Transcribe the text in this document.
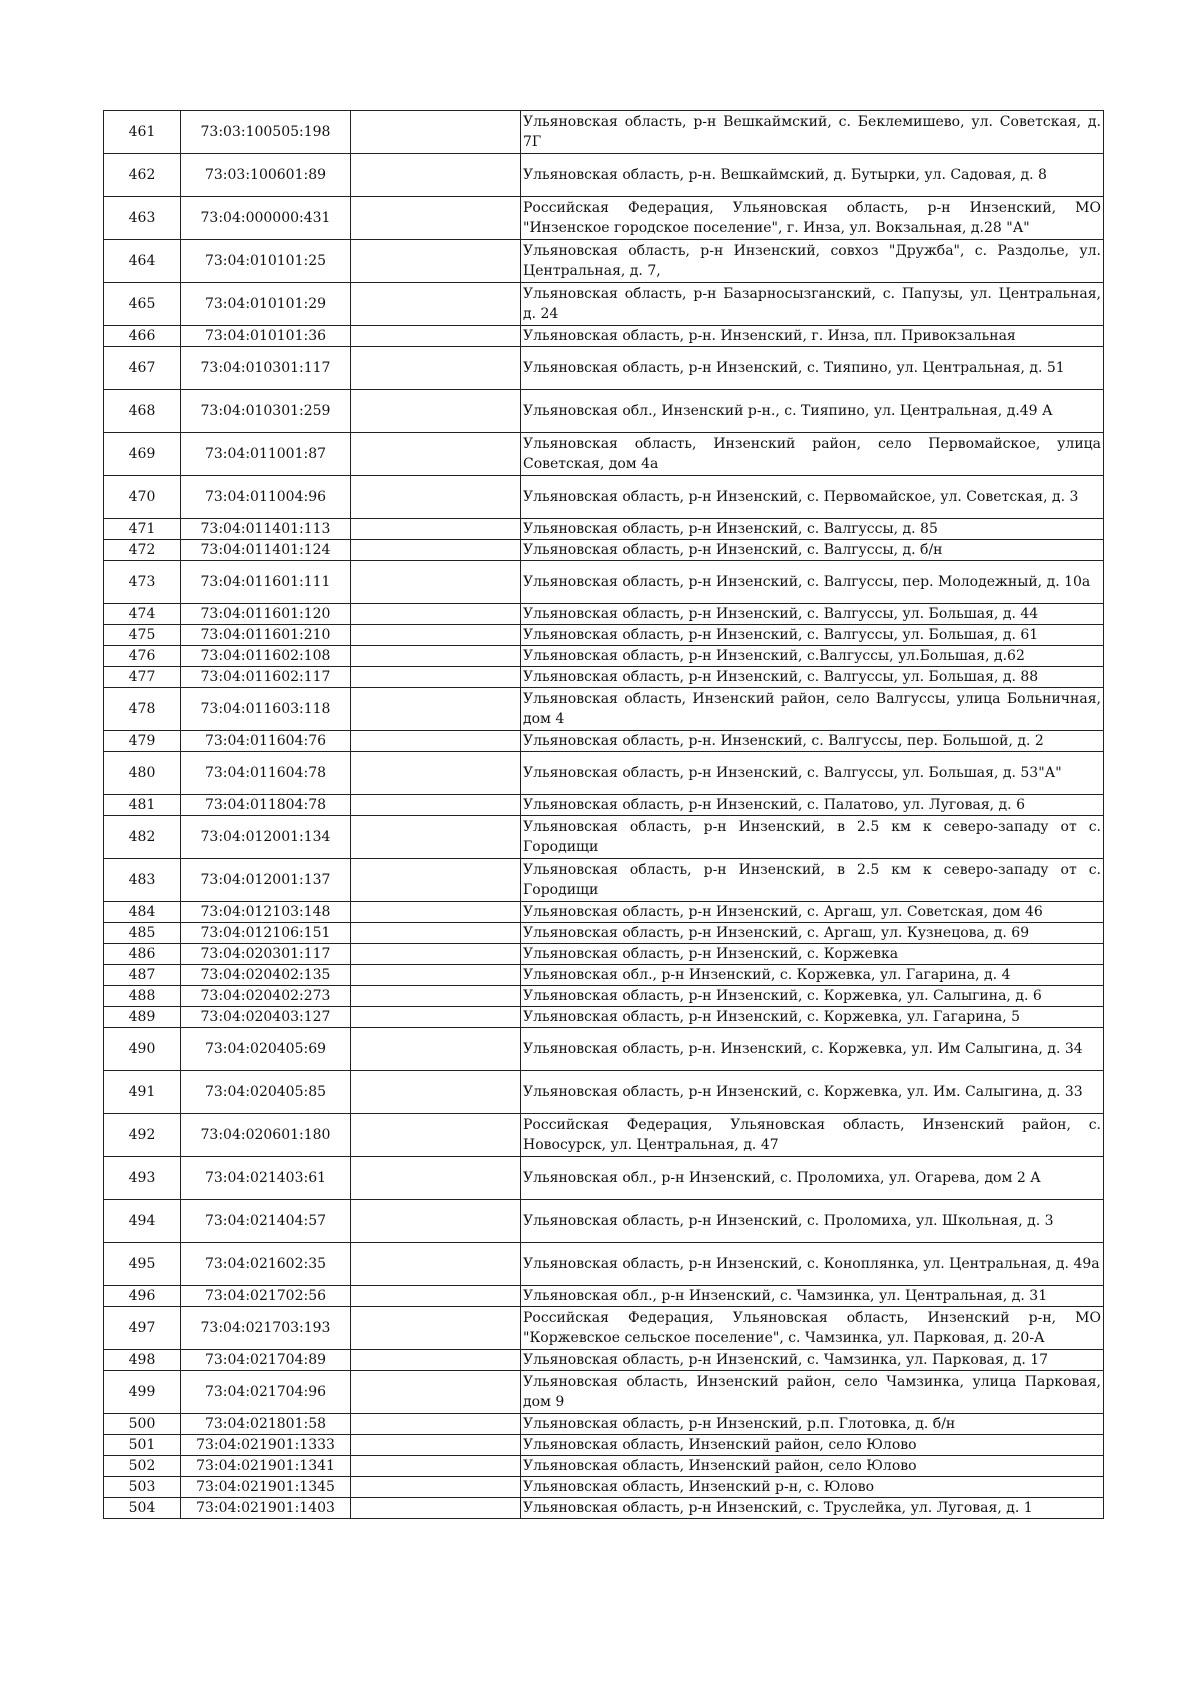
461	73:03:100505:198		Ульяновская область, р-н Вешкаймский, с. Беклемишево, ул. Советская, д. 7Г
462	73:03:100601:89		Ульяновская область, р-н. Вешкаймский, д. Бутырки, ул. Садовая, д. 8
463	73:04:000000:431		Российская Федерация, Ульяновская область, р-н Инзенский, МО "Инзенское городское поселение", г. Инза, ул. Вокзальная, д.28 "А"
464	73:04:010101:25		Ульяновская область, р-н Инзенский, совхоз "Дружба", с. Раздолье, ул. Центральная, д. 7,
465	73:04:010101:29		Ульяновская область, р-н Базарносызганский, с. Папузы, ул. Центральная, д. 24
466	73:04:010101:36		Ульяновская область, р-н. Инзенский, г. Инза, пл. Привокзальная
467	73:04:010301:117		Ульяновская область, р-н Инзенский, с. Тияпино, ул. Центральная, д. 51
468	73:04:010301:259		Ульяновская обл., Инзенский р-н., с. Тияпино, ул. Центральная, д.49 А
469	73:04:011001:87		Ульяновская область, Инзенский район, село Первомайское, улица Советская, дом 4а
470	73:04:011004:96		Ульяновская область, р-н Инзенский, с. Первомайское, ул. Советская, д. 3
471	73:04:011401:113		Ульяновская область, р-н Инзенский, с. Валгуссы, д. 85
472	73:04:011401:124		Ульяновская область, р-н Инзенский, с. Валгуссы, д. б/н
473	73:04:011601:111		Ульяновская область, р-н Инзенский, с. Валгуссы, пер. Молодежный, д. 10а
474	73:04:011601:120		Ульяновская область, р-н Инзенский, с. Валгуссы, ул. Большая, д. 44
475	73:04:011601:210		Ульяновская область, р-н Инзенский, с. Валгуссы, ул. Большая, д. 61
476	73:04:011602:108		Ульяновская область, р-н Инзенский, с.Валгуссы, ул.Большая, д.62
477	73:04:011602:117		Ульяновская область, р-н Инзенский, с. Валгуссы, ул. Большая, д. 88
478	73:04:011603:118		Ульяновская область, Инзенский район, село Валгуссы, улица Больничная, дом 4
479	73:04:011604:76		Ульяновская область, р-н. Инзенский, с. Валгуссы, пер. Большой, д. 2
480	73:04:011604:78		Ульяновская область, р-н Инзенский, с. Валгуссы, ул. Большая, д. 53"А"
481	73:04:011804:78		Ульяновская область, р-н Инзенский, с. Палатово, ул. Луговая, д. 6
482	73:04:012001:134		Ульяновская область, р-н Инзенский, в 2.5 км к северо-западу от с. Городищи
483	73:04:012001:137		Ульяновская область, р-н Инзенский, в 2.5 км к северо-западу от с. Городищи
484	73:04:012103:148		Ульяновская область, р-н Инзенский, с. Аргаш, ул. Советская, дом 46
485	73:04:012106:151		Ульяновская область, р-н Инзенский, с. Аргаш, ул. Кузнецова, д. 69
486	73:04:020301:117		Ульяновская область, р-н Инзенский, с. Коржевка
487	73:04:020402:135		Ульяновская обл., р-н Инзенский, с. Коржевка, ул. Гагарина, д. 4
488	73:04:020402:273		Ульяновская область, р-н Инзенский, с. Коржевка, ул. Салыгина, д. 6
489	73:04:020403:127		Ульяновская область, р-н Инзенский, с. Коржевка, ул. Гагарина, 5
490	73:04:020405:69		Ульяновская область, р-н. Инзенский, с. Коржевка, ул. Им Салыгина, д. 34
491	73:04:020405:85		Ульяновская область, р-н Инзенский, с. Коржевка, ул. Им. Салыгина, д. 33
492	73:04:020601:180		Российская Федерация, Ульяновская область, Инзенский район, с. Новосурск, ул. Центральная, д. 47
493	73:04:021403:61		Ульяновская обл., р-н Инзенский, с. Проломиха, ул. Огарева, дом 2 А
494	73:04:021404:57		Ульяновская область, р-н Инзенский, с. Проломиха, ул. Школьная, д. 3
495	73:04:021602:35		Ульяновская область, р-н Инзенский, с. Коноплянка, ул. Центральная, д. 49а
496	73:04:021702:56		Ульяновская обл., р-н Инзенский, с. Чамзинка, ул. Центральная, д. 31
497	73:04:021703:193		Российская Федерация, Ульяновская область, Инзенский р-н, МО "Коржевское сельское поселение", с. Чамзинка, ул. Парковая, д. 20-А
498	73:04:021704:89		Ульяновская область, р-н Инзенский, с. Чамзинка, ул. Парковая, д. 17
499	73:04:021704:96		Ульяновская область, Инзенский район, село Чамзинка, улица Парковая, дом 9
500	73:04:021801:58		Ульяновская область, р-н Инзенский, р.п. Глотовка, д. б/н
501	73:04:021901:1333		Ульяновская область, Инзенский район, село Юлово
502	73:04:021901:1341		Ульяновская область, Инзенский район, село Юлово
503	73:04:021901:1345		Ульяновская область, Инзенский р-н, с. Юлово
504	73:04:021901:1403		Ульяновская область, р-н Инзенский, с. Труслейка, ул. Луговая, д. 1
